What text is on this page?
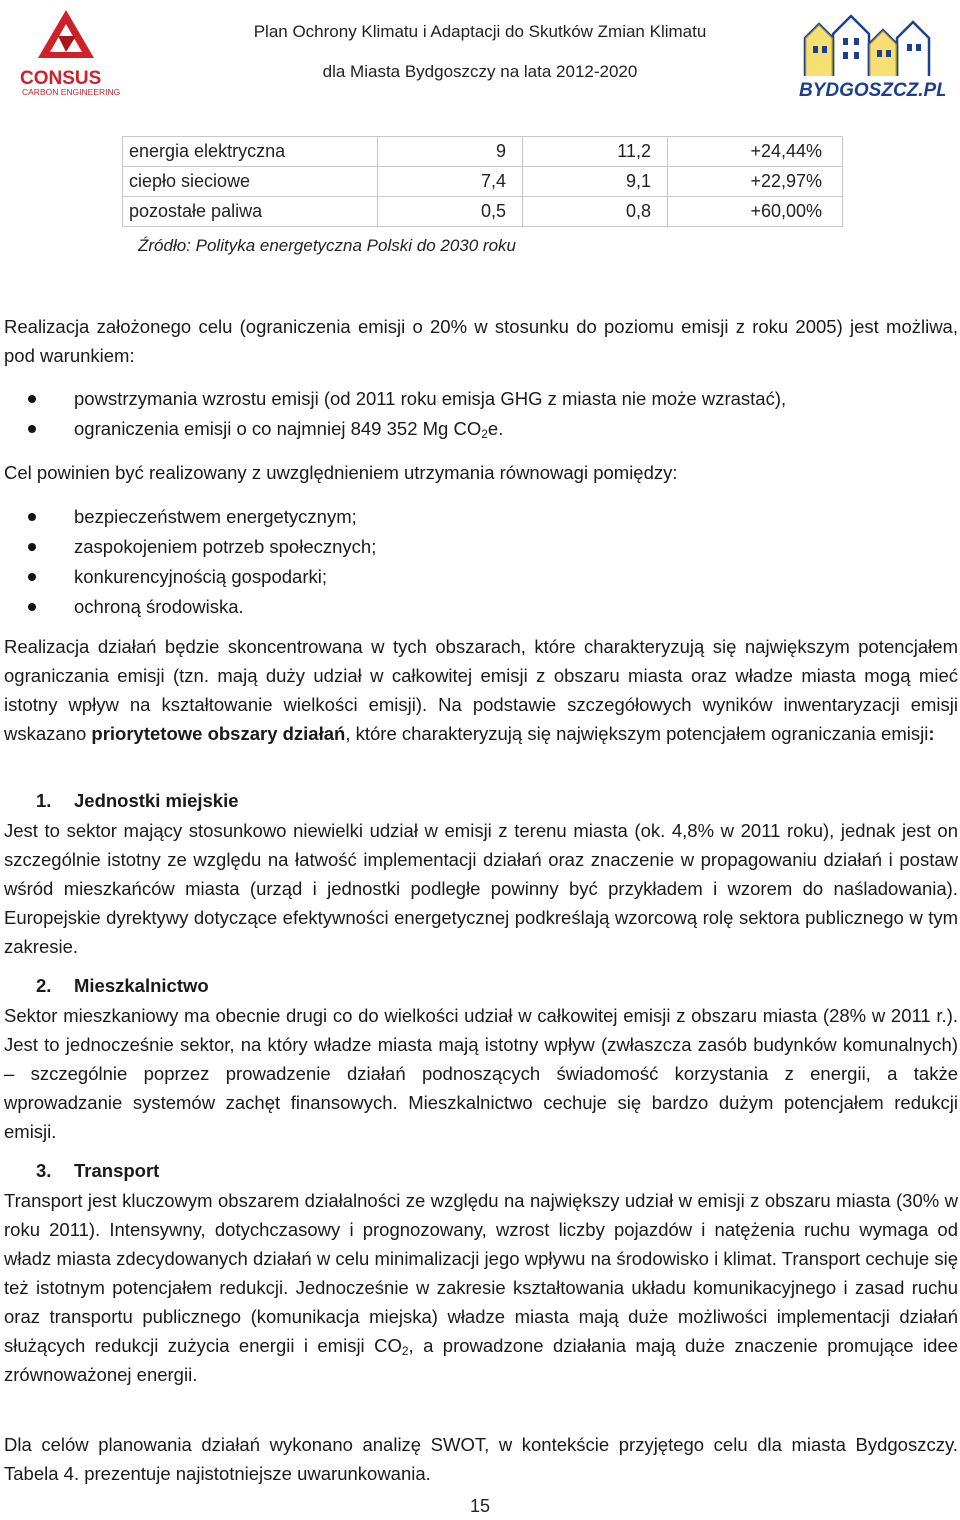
CONSUS
CARBON ENGINEERING
Plan Ochrony Klimatu i Adaptacji do Skutków Zmian Klimatu
dla Miasta Bydgoszczy na lata 2012-2020
BYDGOSZCZ.PL
energia elektryczna	9	11,2	+24,44%
ciepło sieciowe	7,4	9,1	+22,97%
pozostałe paliwa	0,5	0,8	+60,00%
Źródło: Polityka energetyczna Polski do 2030 roku
Realizacja założonego celu (ograniczenia emisji o 20% w stosunku do poziomu emisji z roku 2005) jest możliwa, pod warunkiem:
powstrzymania wzrostu emisji (od 2011 roku emisja GHG z miasta nie może wzrastać),
ograniczenia emisji o co najmniej 849 352 Mg $CO_2e$.
Cel powinien być realizowany z uwzględnieniem utrzymania równowagi pomiędzy:
bezpieczeństwem energetycznym;
zaspokojeniem potrzeb społecznych;
konkurencyjnością gospodarki;
ochroną środowiska.
Realizacja działań będzie skoncentrowana w tych obszarach, które charakteryzują się największym potencjałem ograniczania emisji (tzn. mają duży udział w całkowitej emisji z obszaru miasta oraz władze miasta mogą mieć istotny wpływ na kształtowanie wielkości emisji). Na podstawie szczegółowych wyników inwentaryzacji emisji wskazano priorytetowe obszary działań, które charakteryzują się największym potencjałem ograniczania emisji:
1. Jednostki miejskie
Jest to sektor mający stosunkowo niewielki udział w emisji z terenu miasta (ok. 4,8% w 2011 roku), jednak jest on szczególnie istotny ze względu na łatwość implementacji działań oraz znaczenie w propagowaniu działań i postaw wśród mieszkańców miasta (urząd i jednostki podległe powinny być przykładem i wzorem do naśladowania). Europejskie dyrektywy dotyczące efektywności energetycznej podkreślają wzorcową rolę sektora publicznego w tym zakresie.
2. Mieszkalnictwo
Sektor mieszkaniowy ma obecnie drugi co do wielkości udział w całkowitej emisji z obszaru miasta (28% w 2011 r.). Jest to jednocześnie sektor, na który władze miasta mają istotny wpływ (zwłaszcza zasób budynków komunalnych) – szczególnie poprzez prowadzenie działań podnoszących świadomość korzystania z energii, a także wprowadzanie systemów zachęt finansowych. Mieszkalnictwo cechuje się bardzo dużym potencjałem redukcji emisji.
3. Transport
Transport jest kluczowym obszarem działalności ze względu na największy udział w emisji z obszaru miasta (30% w roku 2011). Intensywny, dotychczasowy i prognozowany, wzrost liczby pojazdów i natężenia ruchu wymaga od władz miasta zdecydowanych działań w celu minimalizacji jego wpływu na środowisko i klimat. Transport cechuje się też istotnym potencjałem redukcji. Jednocześnie w zakresie kształtowania układu komunikacyjnego i zasad ruchu oraz transportu publicznego (komunikacja miejska) władze miasta mają duże możliwości implementacji działań służących redukcji zużycia energii i emisji $CO_2$, a prowadzone działania mają duże znaczenie promujące idee zrównoważonej energii.
Dla celów planowania działań wykonano analizę SWOT, w kontekście przyjętego celu dla miasta Bydgoszczy. Tabela 4. prezentuje najistotniejsze uwarunkowania.
15
